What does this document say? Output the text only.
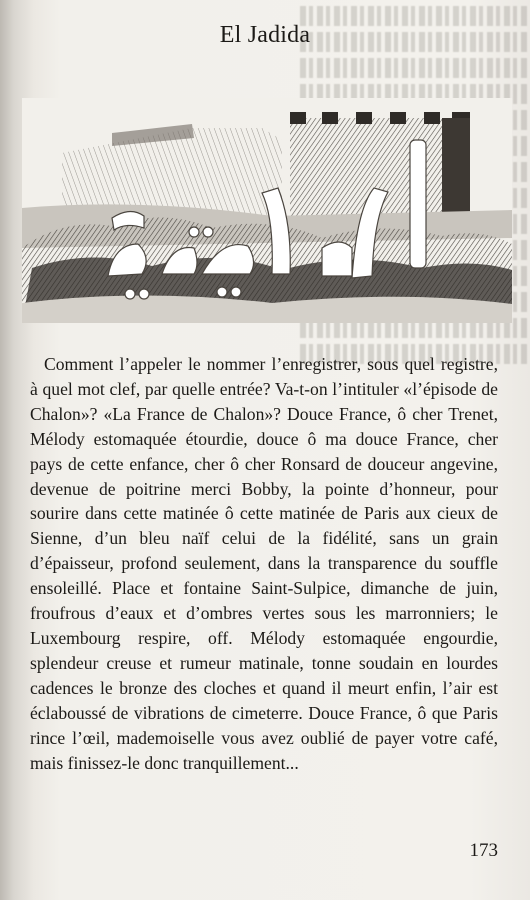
El Jadida

Comment l’appeler le nommer l’enregistrer, sous quel registre, à quel mot clef, par quelle entrée? Va-t-on l’intituler «l’épisode de Chalon»? «La France de Chalon»? Douce France, ô cher Trenet, Mélody estomaquée étourdie, douce ô ma douce France, cher pays de cette enfance, cher ô cher Ronsard de douceur angevine, devenue de poitrine merci Bobby, la pointe d’honneur, pour sourire dans cette matinée ô cette matinée de Paris aux cieux de Sienne, d’un bleu naïf celui de la fidélité, sans un grain d’épaisseur, profond seulement, dans la transparence du souffle ensoleillé. Place et fontaine Saint-Sulpice, dimanche de juin, froufrous d’eaux et d’ombres vertes sous les marronniers; le Luxembourg respire, off. Mélody estomaquée engourdie, splendeur creuse et rumeur matinale, tonne soudain en lourdes cadences le bronze des cloches et quand il meurt enfin, l’air est éclaboussé de vibrations de cimeterre. Douce France, ô que Paris rince l’œil, mademoiselle vous avez oublié de payer votre café, mais finissez-le donc tranquillement...

173
